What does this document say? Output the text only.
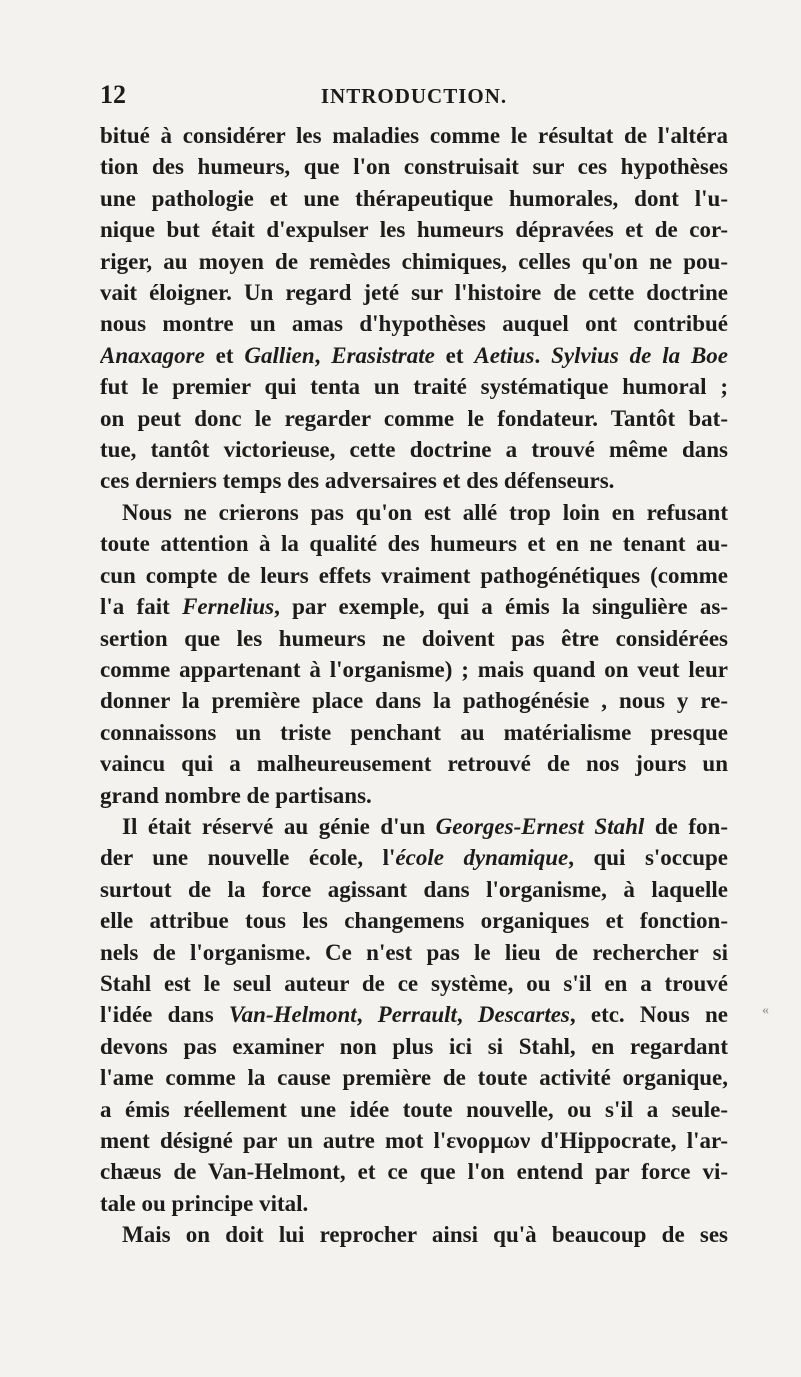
12	INTRODUCTION.
bitué à considérer les maladies comme le résultat de l'altéra
tion des humeurs, que l'on construisait sur ces hypothèses
une pathologie et une thérapeutique humorales, dont l'u-
nique but était d'expulser les humeurs dépravées et de cor-
riger, au moyen de remèdes chimiques, celles qu'on ne pou-
vait éloigner. Un regard jeté sur l'histoire de cette doctrine
nous montre un amas d'hypothèses auquel ont contribué
Anaxagore et Gallien, Erasistrate et Aetius. Sylvius de la Boe
fut le premier qui tenta un traité systématique humoral ;
on peut donc le regarder comme le fondateur. Tantôt bat-
tue, tantôt victorieuse, cette doctrine a trouvé même dans
ces derniers temps des adversaires et des défenseurs.
Nous ne crierons pas qu'on est allé trop loin en refusant
toute attention à la qualité des humeurs et en ne tenant au-
cun compte de leurs effets vraiment pathogénétiques (comme
l'a fait Fernelius, par exemple, qui a émis la singulière as-
sertion que les humeurs ne doivent pas être considérées
comme appartenant à l'organisme) ; mais quand on veut leur
donner la première place dans la pathogénésie , nous y re-
connaissons un triste penchant au matérialisme presque
vaincu qui a malheureusement retrouvé de nos jours un
grand nombre de partisans.
Il était réservé au génie d'un Georges-Ernest Stahl de fon-
der une nouvelle école, l'école dynamique, qui s'occupe
surtout de la force agissant dans l'organisme, à laquelle
elle attribue tous les changemens organiques et fonction-
nels de l'organisme. Ce n'est pas le lieu de rechercher si
Stahl est le seul auteur de ce système, ou s'il en a trouvé
l'idée dans Van-Helmont, Perrault, Descartes, etc. Nous ne
devons pas examiner non plus ici si Stahl, en regardant
l'ame comme la cause première de toute activité organique,
a émis réellement une idée toute nouvelle, ou s'il a seule-
ment désigné par un autre mot l'ενορμων d'Hippocrate, l'ar-
chæus de Van-Helmont, et ce que l'on entend par force vi-
tale ou principe vital.
Mais on doit lui reprocher ainsi qu'à beaucoup de ses
«
